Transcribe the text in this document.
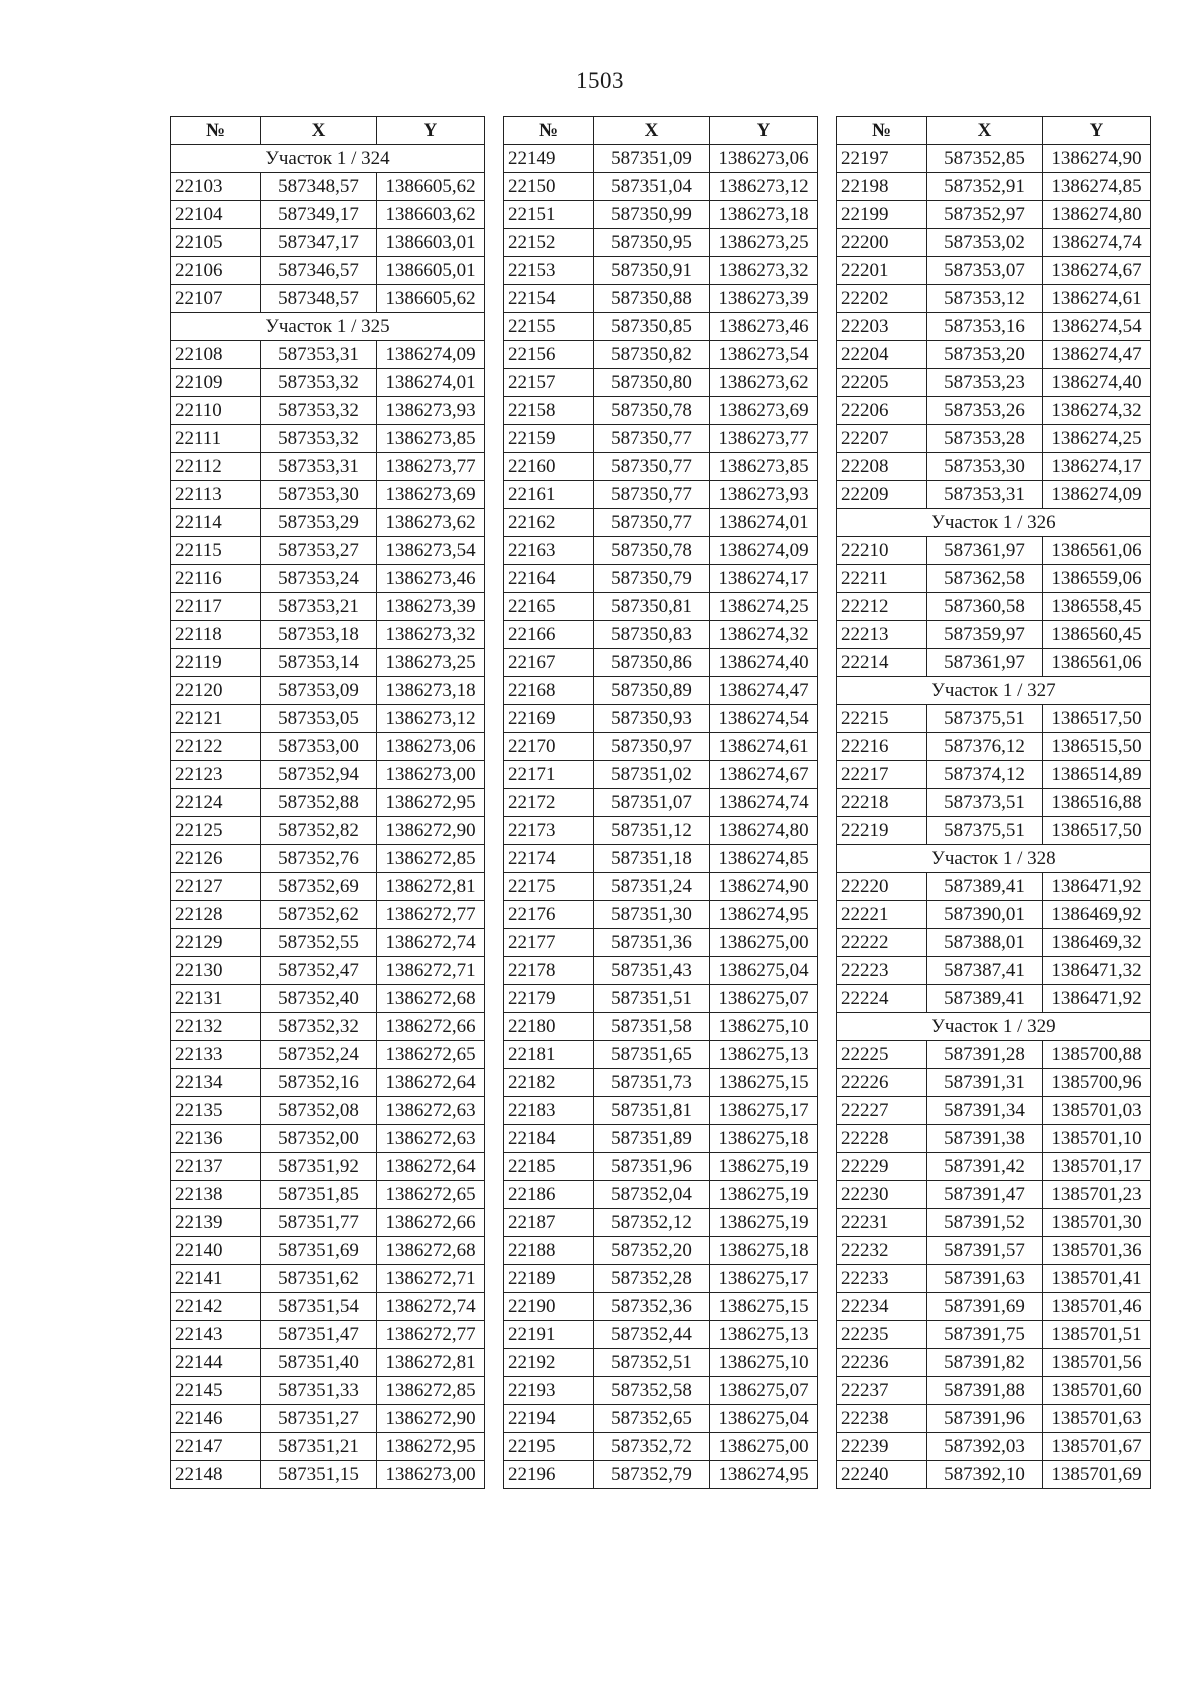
1503
№	X	Y
Участок 1 / 324		
22103	587348,57	1386605,62
22104	587349,17	1386603,62
22105	587347,17	1386603,01
22106	587346,57	1386605,01
22107	587348,57	1386605,62
Участок 1 / 325		
22108	587353,31	1386274,09
22109	587353,32	1386274,01
22110	587353,32	1386273,93
22111	587353,32	1386273,85
22112	587353,31	1386273,77
22113	587353,30	1386273,69
22114	587353,29	1386273,62
22115	587353,27	1386273,54
22116	587353,24	1386273,46
22117	587353,21	1386273,39
22118	587353,18	1386273,32
22119	587353,14	1386273,25
22120	587353,09	1386273,18
22121	587353,05	1386273,12
22122	587353,00	1386273,06
22123	587352,94	1386273,00
22124	587352,88	1386272,95
22125	587352,82	1386272,90
22126	587352,76	1386272,85
22127	587352,69	1386272,81
22128	587352,62	1386272,77
22129	587352,55	1386272,74
22130	587352,47	1386272,71
22131	587352,40	1386272,68
22132	587352,32	1386272,66
22133	587352,24	1386272,65
22134	587352,16	1386272,64
22135	587352,08	1386272,63
22136	587352,00	1386272,63
22137	587351,92	1386272,64
22138	587351,85	1386272,65
22139	587351,77	1386272,66
22140	587351,69	1386272,68
22141	587351,62	1386272,71
22142	587351,54	1386272,74
22143	587351,47	1386272,77
22144	587351,40	1386272,81
22145	587351,33	1386272,85
22146	587351,27	1386272,90
22147	587351,21	1386272,95
22148	587351,15	1386273,00
№	X	Y
22149	587351,09	1386273,06
22150	587351,04	1386273,12
22151	587350,99	1386273,18
22152	587350,95	1386273,25
22153	587350,91	1386273,32
22154	587350,88	1386273,39
22155	587350,85	1386273,46
22156	587350,82	1386273,54
22157	587350,80	1386273,62
22158	587350,78	1386273,69
22159	587350,77	1386273,77
22160	587350,77	1386273,85
22161	587350,77	1386273,93
22162	587350,77	1386274,01
22163	587350,78	1386274,09
22164	587350,79	1386274,17
22165	587350,81	1386274,25
22166	587350,83	1386274,32
22167	587350,86	1386274,40
22168	587350,89	1386274,47
22169	587350,93	1386274,54
22170	587350,97	1386274,61
22171	587351,02	1386274,67
22172	587351,07	1386274,74
22173	587351,12	1386274,80
22174	587351,18	1386274,85
22175	587351,24	1386274,90
22176	587351,30	1386274,95
22177	587351,36	1386275,00
22178	587351,43	1386275,04
22179	587351,51	1386275,07
22180	587351,58	1386275,10
22181	587351,65	1386275,13
22182	587351,73	1386275,15
22183	587351,81	1386275,17
22184	587351,89	1386275,18
22185	587351,96	1386275,19
22186	587352,04	1386275,19
22187	587352,12	1386275,19
22188	587352,20	1386275,18
22189	587352,28	1386275,17
22190	587352,36	1386275,15
22191	587352,44	1386275,13
22192	587352,51	1386275,10
22193	587352,58	1386275,07
22194	587352,65	1386275,04
22195	587352,72	1386275,00
22196	587352,79	1386274,95
№	X	Y
22197	587352,85	1386274,90
22198	587352,91	1386274,85
22199	587352,97	1386274,80
22200	587353,02	1386274,74
22201	587353,07	1386274,67
22202	587353,12	1386274,61
22203	587353,16	1386274,54
22204	587353,20	1386274,47
22205	587353,23	1386274,40
22206	587353,26	1386274,32
22207	587353,28	1386274,25
22208	587353,30	1386274,17
22209	587353,31	1386274,09
Участок 1 / 326		
22210	587361,97	1386561,06
22211	587362,58	1386559,06
22212	587360,58	1386558,45
22213	587359,97	1386560,45
22214	587361,97	1386561,06
Участок 1 / 327		
22215	587375,51	1386517,50
22216	587376,12	1386515,50
22217	587374,12	1386514,89
22218	587373,51	1386516,88
22219	587375,51	1386517,50
Участок 1 / 328		
22220	587389,41	1386471,92
22221	587390,01	1386469,92
22222	587388,01	1386469,32
22223	587387,41	1386471,32
22224	587389,41	1386471,92
Участок 1 / 329		
22225	587391,28	1385700,88
22226	587391,31	1385700,96
22227	587391,34	1385701,03
22228	587391,38	1385701,10
22229	587391,42	1385701,17
22230	587391,47	1385701,23
22231	587391,52	1385701,30
22232	587391,57	1385701,36
22233	587391,63	1385701,41
22234	587391,69	1385701,46
22235	587391,75	1385701,51
22236	587391,82	1385701,56
22237	587391,88	1385701,60
22238	587391,96	1385701,63
22239	587392,03	1385701,67
22240	587392,10	1385701,69
